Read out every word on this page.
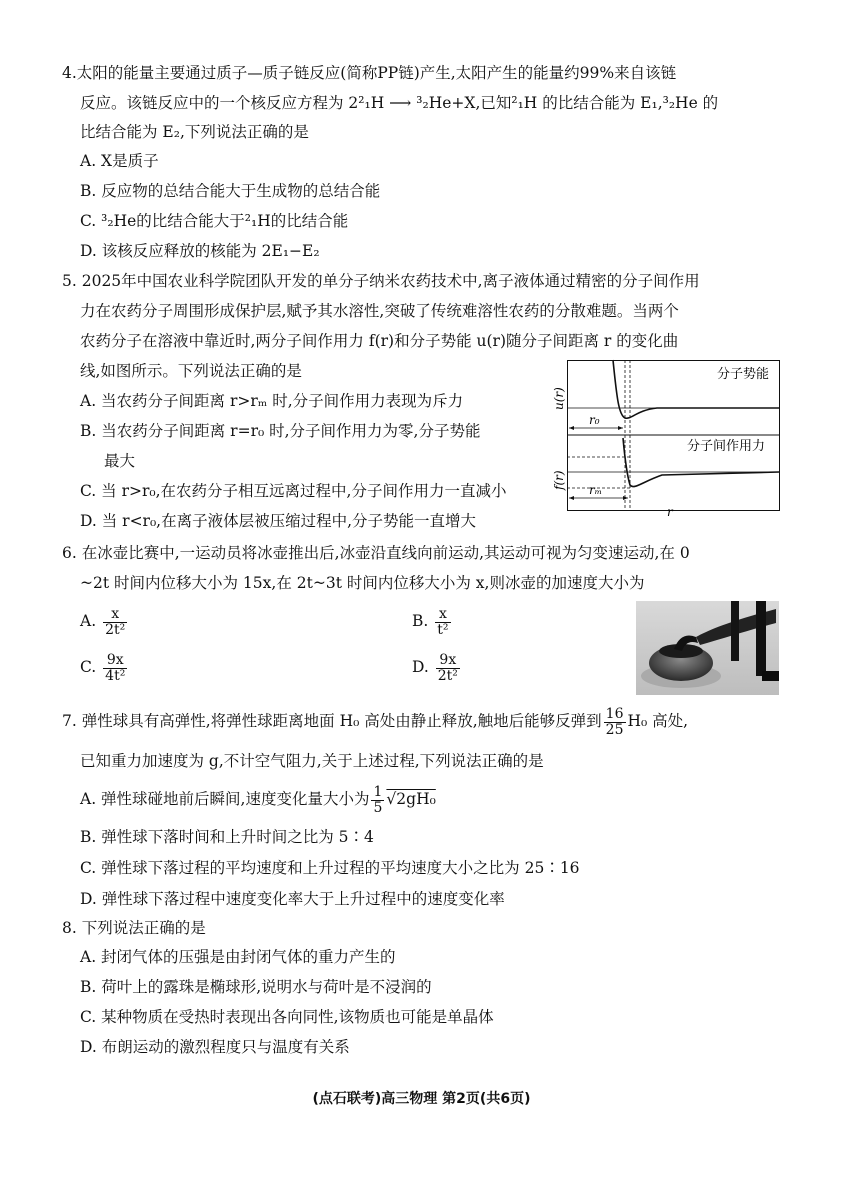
4.太阳的能量主要通过质子—质子链反应(简称PP链)产生,太阳产生的能量约99%来自该链
反应。该链反应中的一个核反应方程为 2²₁H ⟶ ³₂He+X,已知²₁H 的比结合能为 E₁,³₂He 的
比结合能为 E₂,下列说法正确的是
A. X是质子
B. 反应物的总结合能大于生成物的总结合能
C. ³₂He的比结合能大于²₁H的比结合能
D. 该核反应释放的核能为 2E₁−E₂
5. 2025年中国农业科学院团队开发的单分子纳米农药技术中,离子液体通过精密的分子间作用
力在农药分子周围形成保护层,赋予其水溶性,突破了传统难溶性农药的分散难题。当两个
农药分子在溶液中靠近时,两分子间作用力 f(r)和分子势能 u(r)随分子间距离 r 的变化曲
线,如图所示。下列说法正确的是
A. 当农药分子间距离 r>rₘ 时,分子间作用力表现为斥力
B. 当农药分子间距离 r=r₀ 时,分子间作用力为零,分子势能
最大
C. 当 r>r₀,在农药分子相互远离过程中,分子间作用力一直减小
D. 当 r<r₀,在离子液体层被压缩过程中,分子势能一直增大
分子势能
分子间作用力
r₀
rₘ
r
u(r)
f(r)
6. 在冰壶比赛中,一运动员将冰壶推出后,冰壶沿直线向前运动,其运动可视为匀变速运动,在 0
~2t 时间内位移大小为 15x,在 2t~3t 时间内位移大小为 x,则冰壶的加速度大小为
A. $\frac{x}{\text{2t²}}$	B. $\frac{x}{\text{t²}}$
C. $\frac{9x}{\text{4t²}}$	D. $\frac{9x}{\text{2t²}}$
7. 弹性球具有高弹性,将弹性球距离地面 H₀ 高处由静止释放,触地后能够反弹到 $\frac{16}{25} H_0$ 高处,
已知重力加速度为 g,不计空气阻力,关于上述过程,下列说法正确的是
A. 弹性球碰地前后瞬间,速度变化量大小为 $\frac{1}{5} √2gH_0$
B. 弹性球下落时间和上升时间之比为 5∶4
C. 弹性球下落过程的平均速度和上升过程的平均速度大小之比为 25∶16
D. 弹性球下落过程中速度变化率大于上升过程中的速度变化率
8. 下列说法正确的是
A. 封闭气体的压强是由封闭气体的重力产生的
B. 荷叶上的露珠是椭球形,说明水与荷叶是不浸润的
C. 某种物质在受热时表现出各向同性,该物质也可能是单晶体
D. 布朗运动的激烈程度只与温度有关系
(点石联考)高三物理 第2页(共6页)
